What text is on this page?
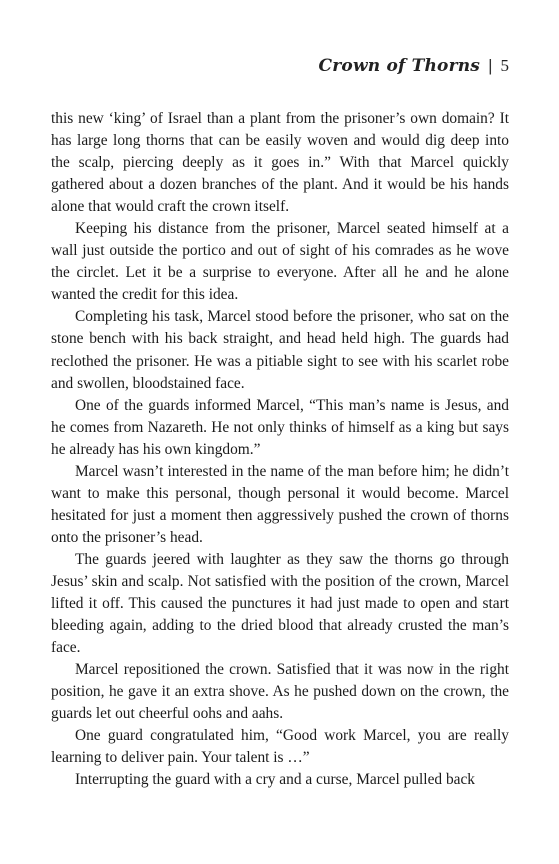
Crown of Thorns | 5

this new ‘king’ of Israel than a plant from the prisoner’s own domain? It has large long thorns that can be easily woven and would dig deep into the scalp, piercing deeply as it goes in.” With that Marcel quickly gathered about a dozen branches of the plant. And it would be his hands alone that would craft the crown itself.

Keeping his distance from the prisoner, Marcel seated himself at a wall just outside the portico and out of sight of his comrades as he wove the circlet. Let it be a surprise to everyone. After all he and he alone wanted the credit for this idea.

Completing his task, Marcel stood before the prisoner, who sat on the stone bench with his back straight, and head held high. The guards had reclothed the prisoner. He was a pitiable sight to see with his scarlet robe and swollen, bloodstained face.

One of the guards informed Marcel, “This man’s name is Jesus, and he comes from Nazareth. He not only thinks of himself as a king but says he already has his own kingdom.”

Marcel wasn’t interested in the name of the man before him; he didn’t want to make this personal, though personal it would become. Marcel hesitated for just a moment then aggressively pushed the crown of thorns onto the prisoner’s head.

The guards jeered with laughter as they saw the thorns go through Jesus’ skin and scalp. Not satisfied with the position of the crown, Marcel lifted it off. This caused the punctures it had just made to open and start bleeding again, adding to the dried blood that already crusted the man’s face.

Marcel repositioned the crown. Satisfied that it was now in the right position, he gave it an extra shove. As he pushed down on the crown, the guards let out cheerful oohs and aahs.

One guard congratulated him, “Good work Marcel, you are really learning to deliver pain. Your talent is …”

Interrupting the guard with a cry and a curse, Marcel pulled back
